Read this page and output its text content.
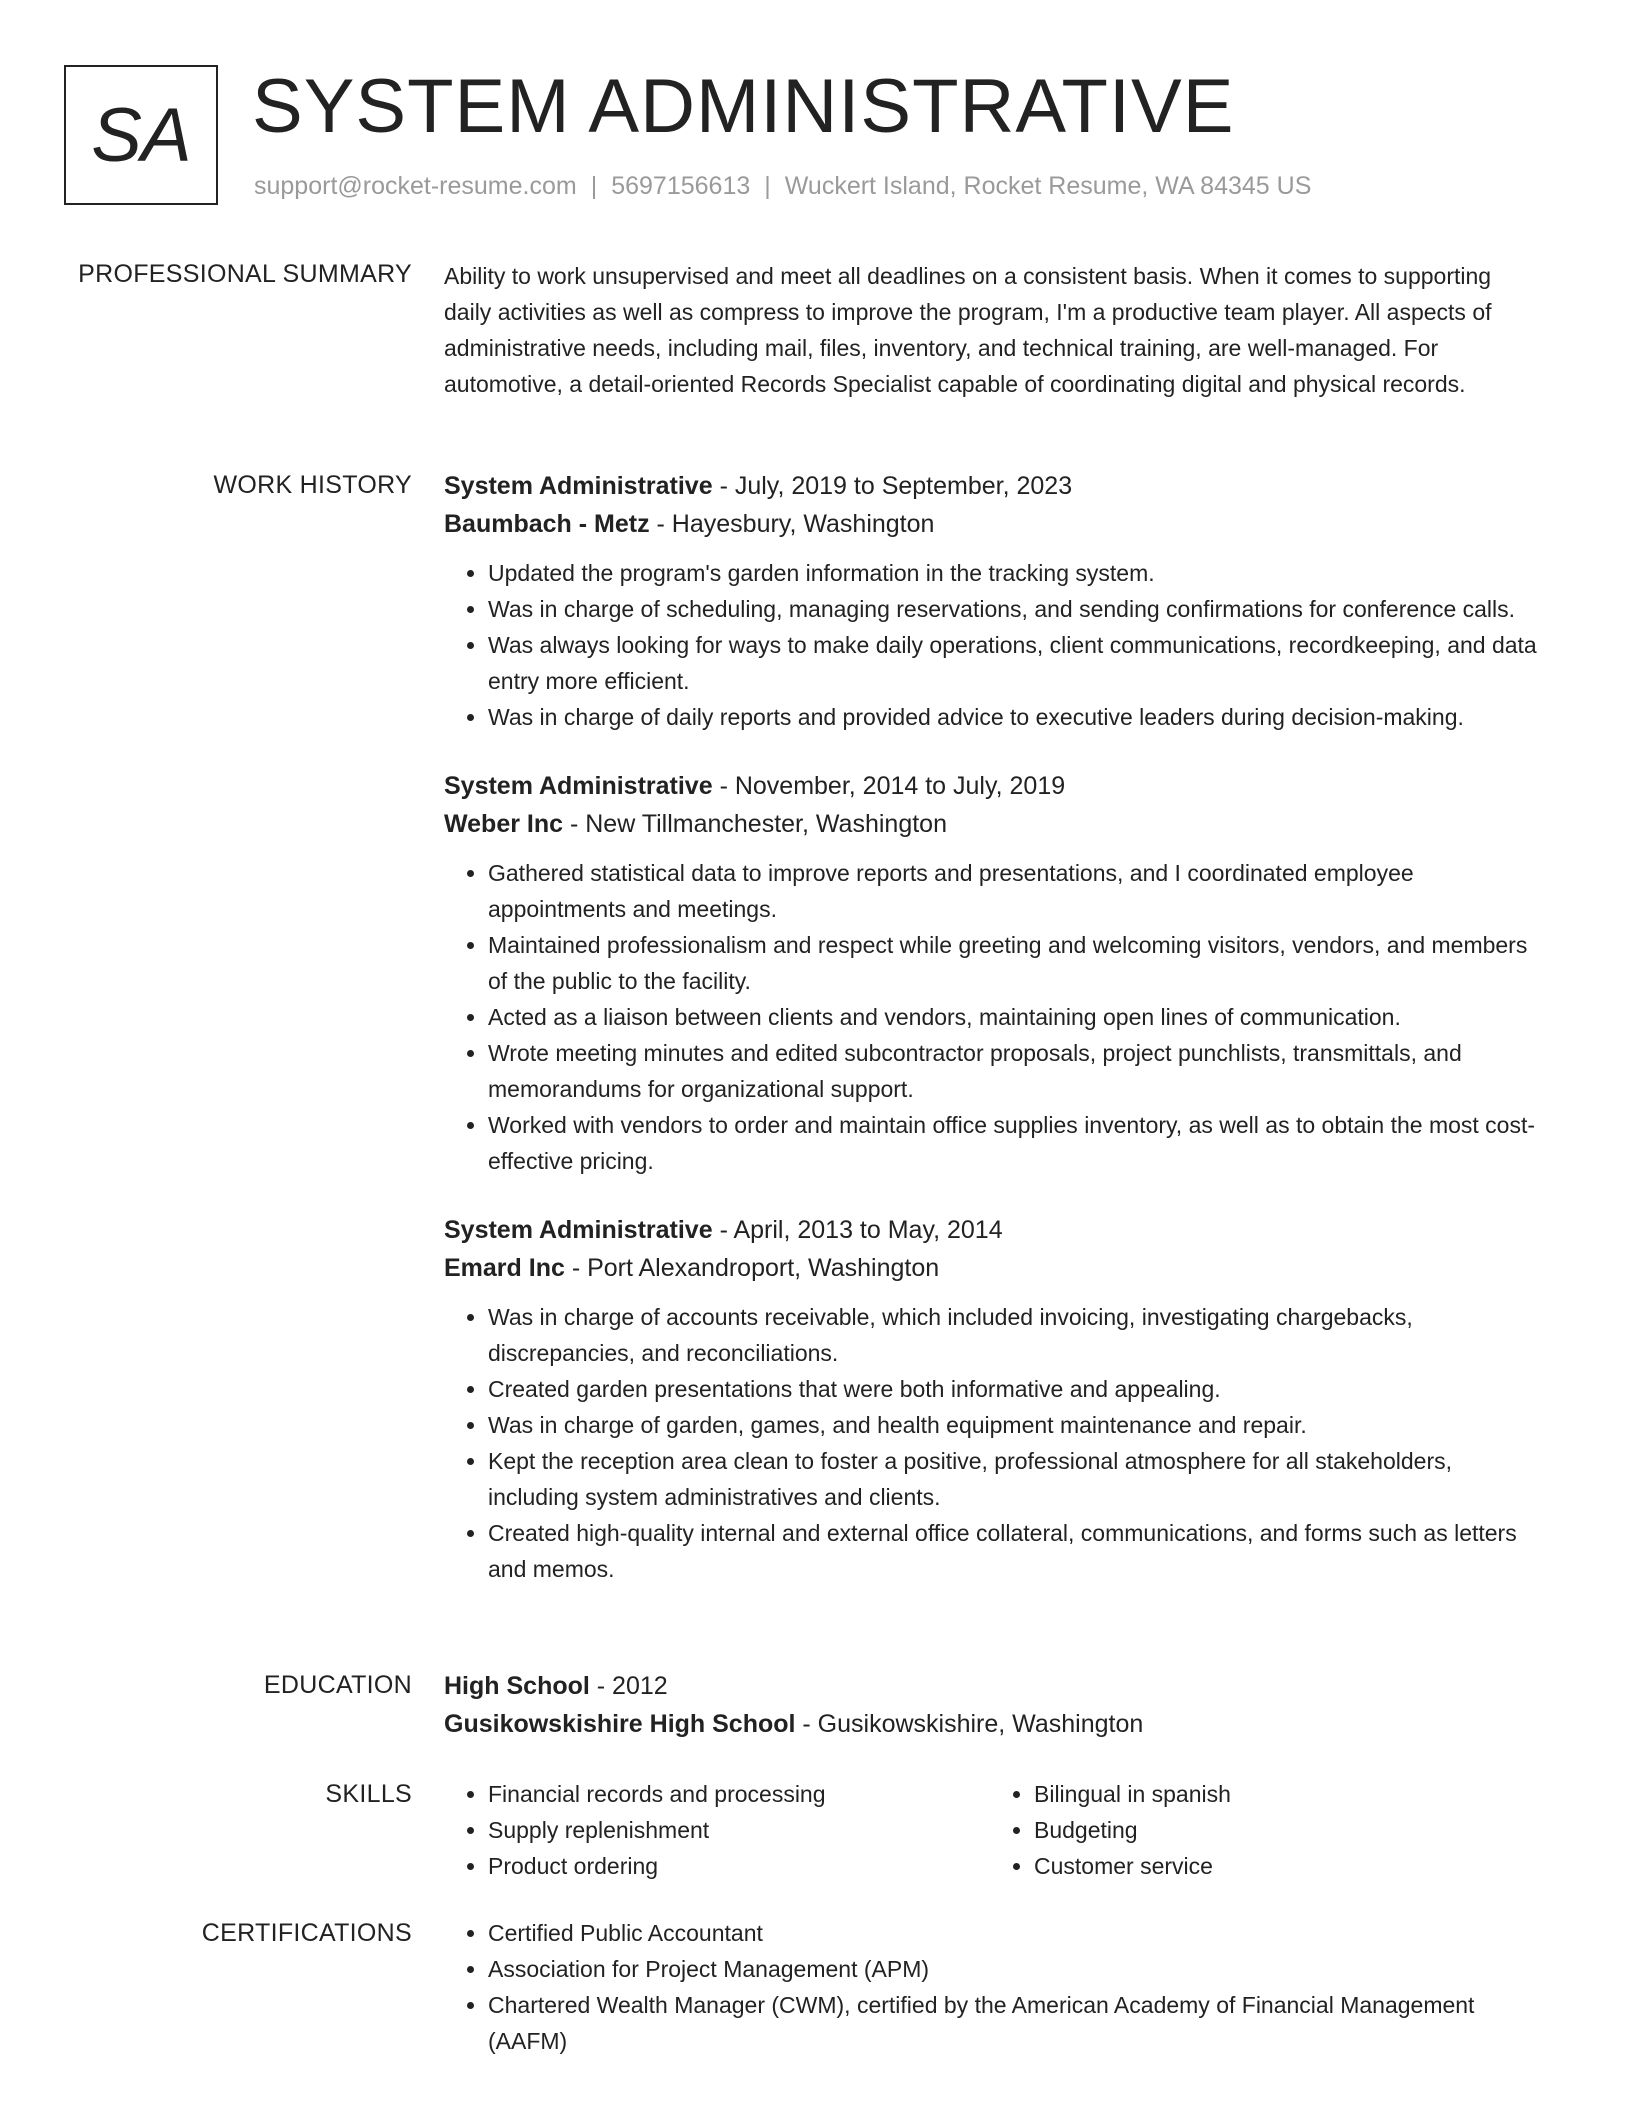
SA SYSTEM ADMINISTRATIVE
support@rocket-resume.com | 5697156613 | Wuckert Island, Rocket Resume, WA 84345 US
PROFESSIONAL SUMMARY Ability to work unsupervised and meet all deadlines on a consistent basis. When it comes to supporting daily activities as well as compress to improve the program, I'm a productive team player. All aspects of administrative needs, including mail, files, inventory, and technical training, are well-managed. For automotive, a detail-oriented Records Specialist capable of coordinating digital and physical records.

WORK HISTORY System Administrative - July, 2019 to September, 2023
Baumbach - Metz - Hayesbury, Washington
• Updated the program's garden information in the tracking system.
• Was in charge of scheduling, managing reservations, and sending confirmations for conference calls.
• Was always looking for ways to make daily operations, client communications, recordkeeping, and data entry more efficient.
• Was in charge of daily reports and provided advice to executive leaders during decision-making.
System Administrative - November, 2014 to July, 2019
Weber Inc - New Tillmanchester, Washington
• Gathered statistical data to improve reports and presentations, and I coordinated employee appointments and meetings.
• Maintained professionalism and respect while greeting and welcoming visitors, vendors, and members of the public to the facility.
• Acted as a liaison between clients and vendors, maintaining open lines of communication.
• Wrote meeting minutes and edited subcontractor proposals, project punchlists, transmittals, and memorandums for organizational support.
• Worked with vendors to order and maintain office supplies inventory, as well as to obtain the most cost-effective pricing.
System Administrative - April, 2013 to May, 2014
Emard Inc - Port Alexandroport, Washington
• Was in charge of accounts receivable, which included invoicing, investigating chargebacks, discrepancies, and reconciliations.
• Created garden presentations that were both informative and appealing.
• Was in charge of garden, games, and health equipment maintenance and repair.
• Kept the reception area clean to foster a positive, professional atmosphere for all stakeholders, including system administratives and clients.
• Created high-quality internal and external office collateral, communications, and forms such as letters and memos.
EDUCATION High School - 2012
Gusikowskishire High School - Gusikowskishire, Washington
SKILLS	• Financial records and processing
• Supply replenishment
• Product ordering
• Bilingual in spanish
• Budgeting
• Customer service
CERTIFICATIONS	• Certified Public Accountant
• Association for Project Management (APM)
• Chartered Wealth Manager (CWM), certified by the American Academy of Financial Management (AAFM)
